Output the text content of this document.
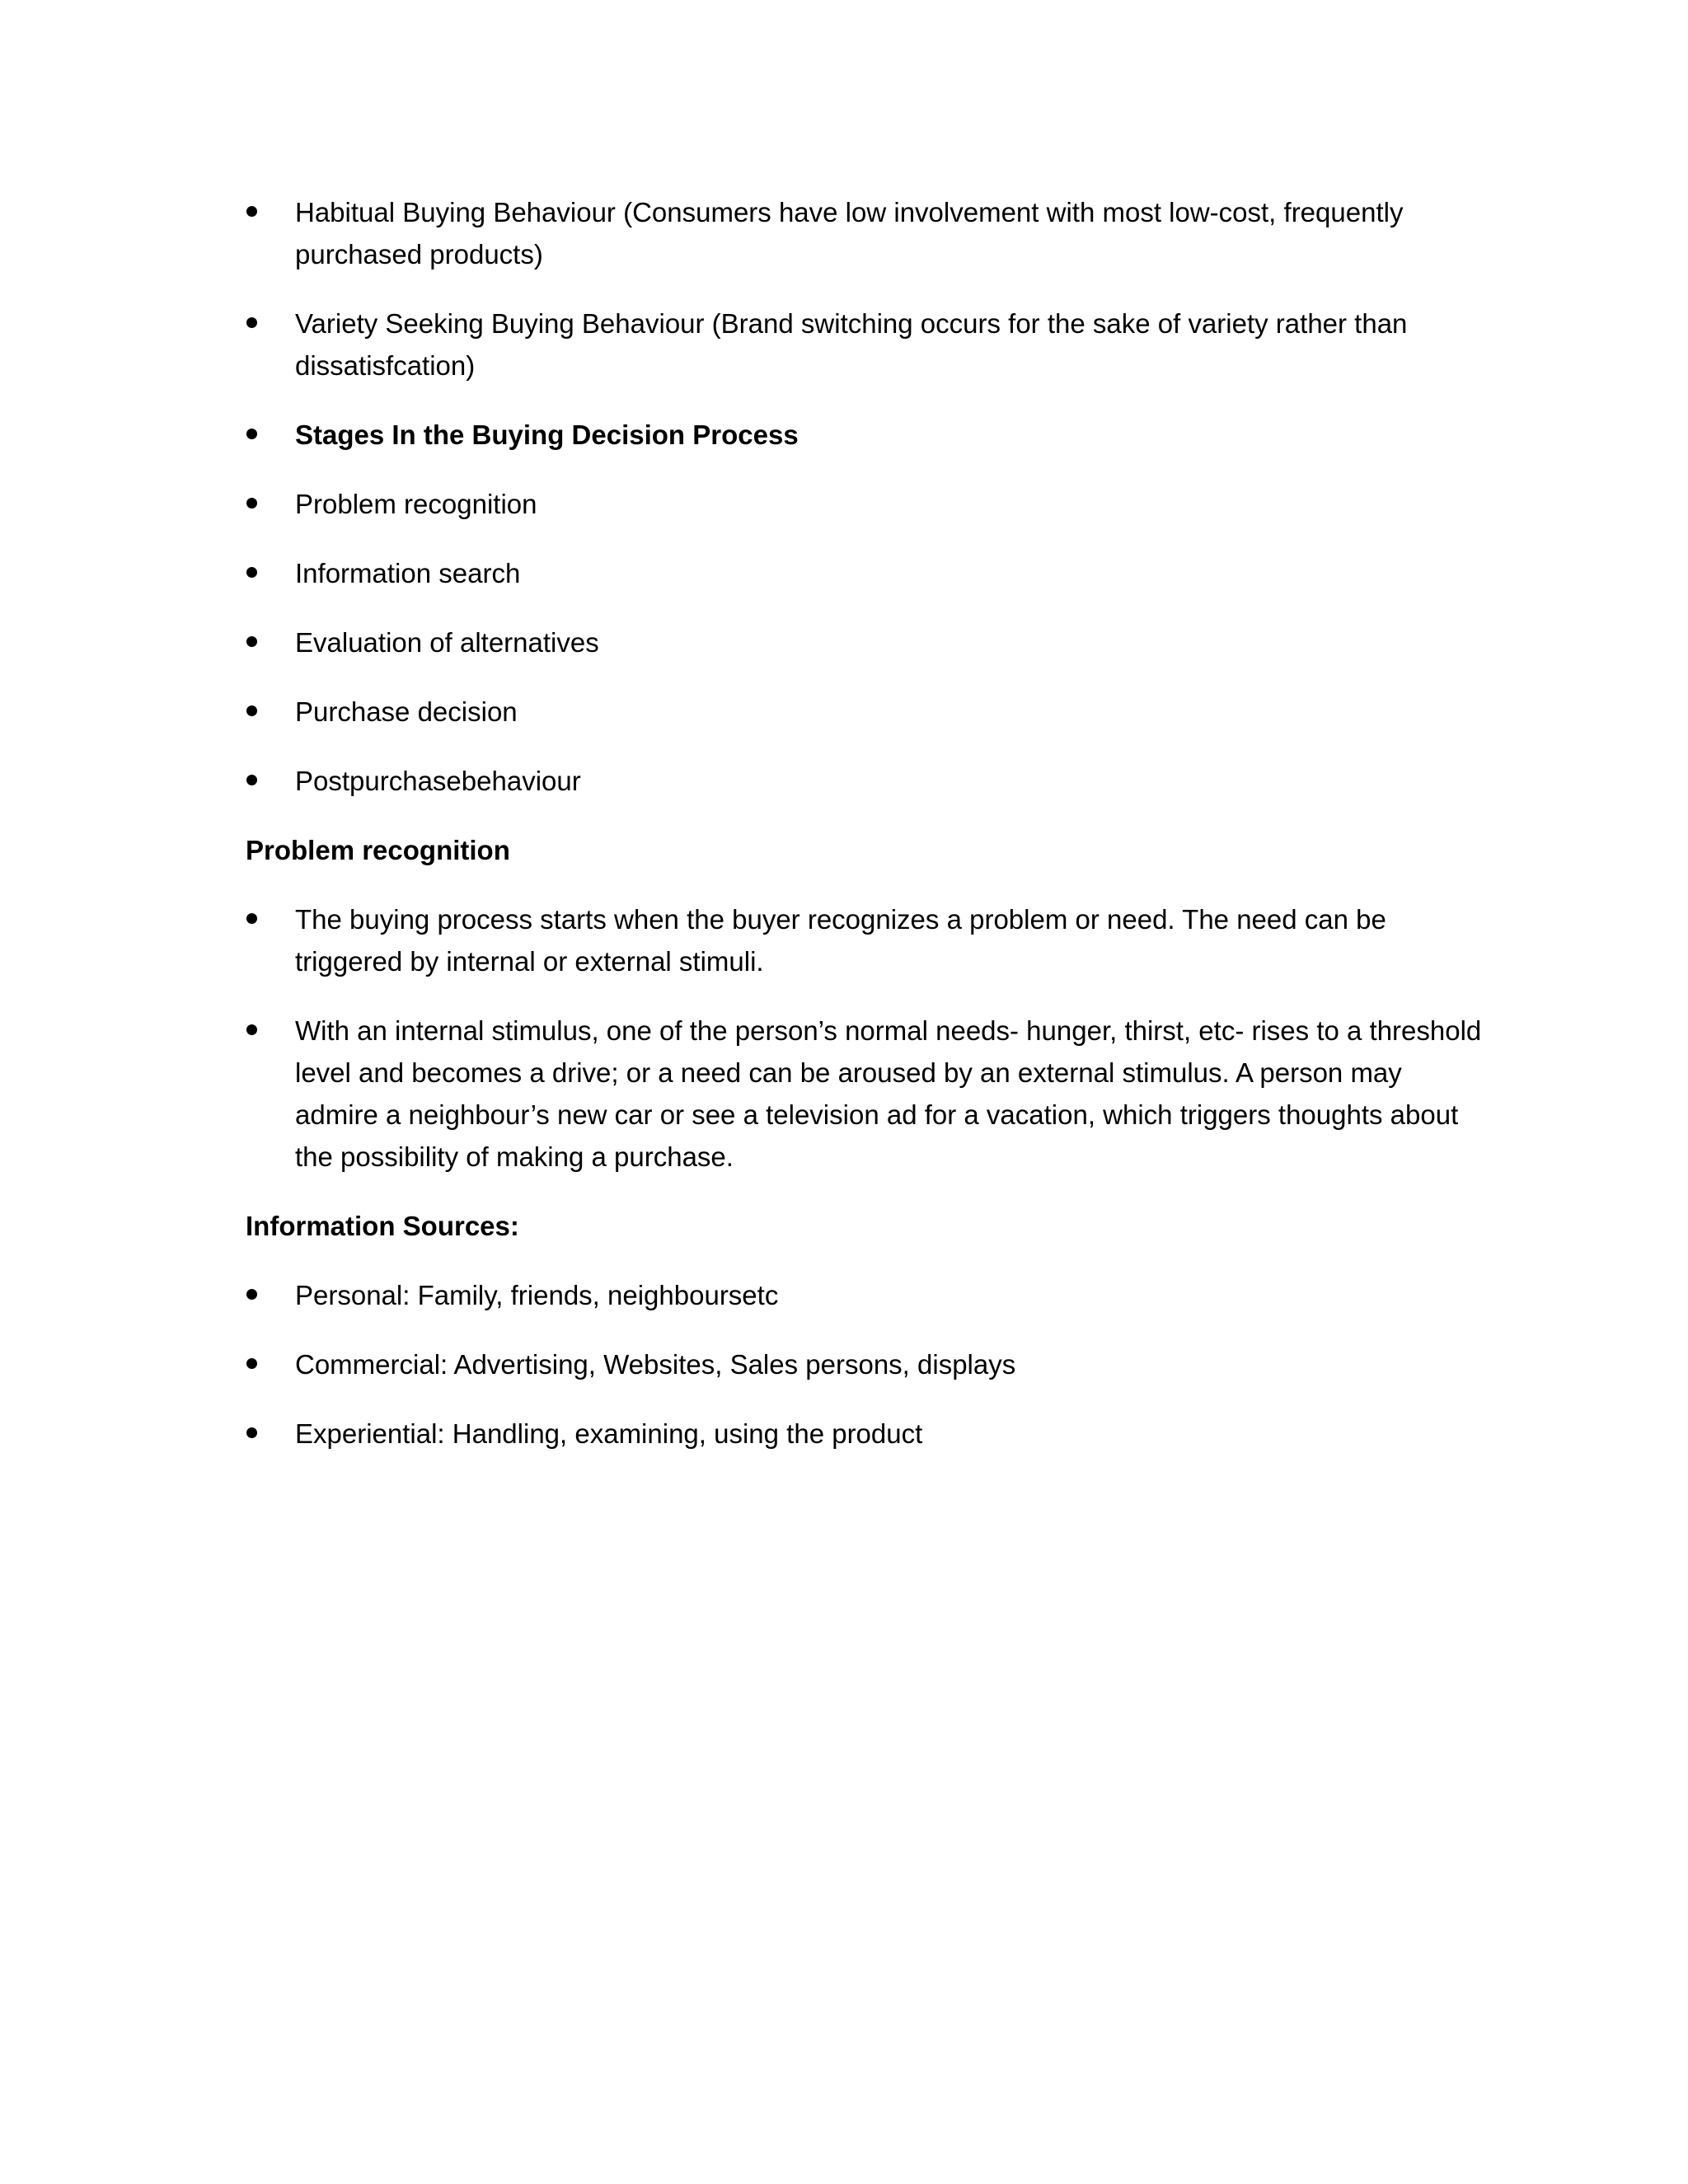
Habitual Buying Behaviour (Consumers have low involvement with most low-cost, frequently purchased products)
Variety Seeking Buying Behaviour (Brand switching occurs for the sake of variety rather than dissatisfcation)
Stages In the Buying Decision Process
Problem recognition
Information search
Evaluation of alternatives
Purchase decision
Postpurchasebehaviour
Problem recognition
The buying process starts when the buyer recognizes a problem or need. The need can be triggered by internal or external stimuli.
With an internal stimulus, one of the person’s normal needs- hunger, thirst, etc- rises to a threshold level and becomes a drive; or a need can be aroused by an external stimulus. A person may admire a neighbour’s new car or see a television ad for a vacation, which triggers thoughts about the possibility of making a purchase.
Information Sources:
Personal: Family, friends, neighboursetc
Commercial: Advertising, Websites, Sales persons, displays
Experiential: Handling, examining, using the product
